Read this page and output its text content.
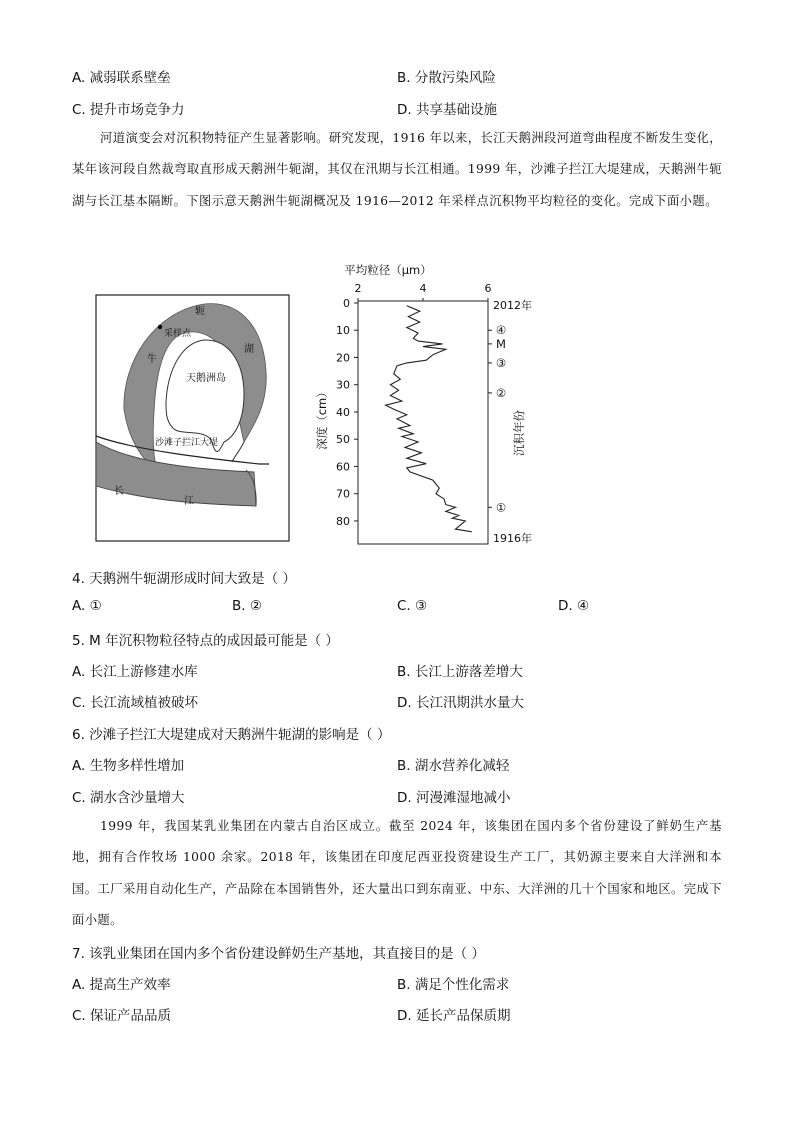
A. 减弱联系壁垒	B. 分散污染风险
C. 提升市场竞争力	D. 共享基础设施
河道演变会对沉积物特征产生显著影响。研究发现，1916 年以来，长江天鹅洲段河道弯曲程度不断发生变化，某年该河段自然裁弯取直形成天鹅洲牛轭湖，其仅在汛期与长江相通。1999 年，沙滩子拦江大堤建成，天鹅洲牛轭湖与长江基本隔断。下图示意天鹅洲牛轭湖概况及 1916—2012 年采样点沉积物平均粒径的变化。完成下面小题。
轭
湖
牛
采样点
天鹅洲岛
沙滩子拦江大堤
长
江
平均粒径（μm）
2	4	6
0
10
20
30
40
50
60
70
80
深度（cm）
④
M
③
②
①
2012年
1916年
沉积年份
4. 天鹅洲牛轭湖形成时间大致是（ ）
A. ①	B. ②	C. ③	D. ④
5. M 年沉积物粒径特点的成因最可能是（ ）
A. 长江上游修建水库	B. 长江上游落差增大
C. 长江流域植被破坏	D. 长江汛期洪水量大
6. 沙滩子拦江大堤建成对天鹅洲牛轭湖的影响是（ ）
A. 生物多样性增加	B. 湖水营养化减轻
C. 湖水含沙量增大	D. 河漫滩湿地减小
1999 年，我国某乳业集团在内蒙古自治区成立。截至 2024 年，该集团在国内多个省份建设了鲜奶生产基地，拥有合作牧场 1000 余家。2018 年，该集团在印度尼西亚投资建设生产工厂，其奶源主要来自大洋洲和本国。工厂采用自动化生产，产品除在本国销售外，还大量出口到东南亚、中东、大洋洲的几十个国家和地区。完成下面小题。
7. 该乳业集团在国内多个省份建设鲜奶生产基地，其直接目的是（ ）
A. 提高生产效率	B. 满足个性化需求
C. 保证产品品质	D. 延长产品保质期
